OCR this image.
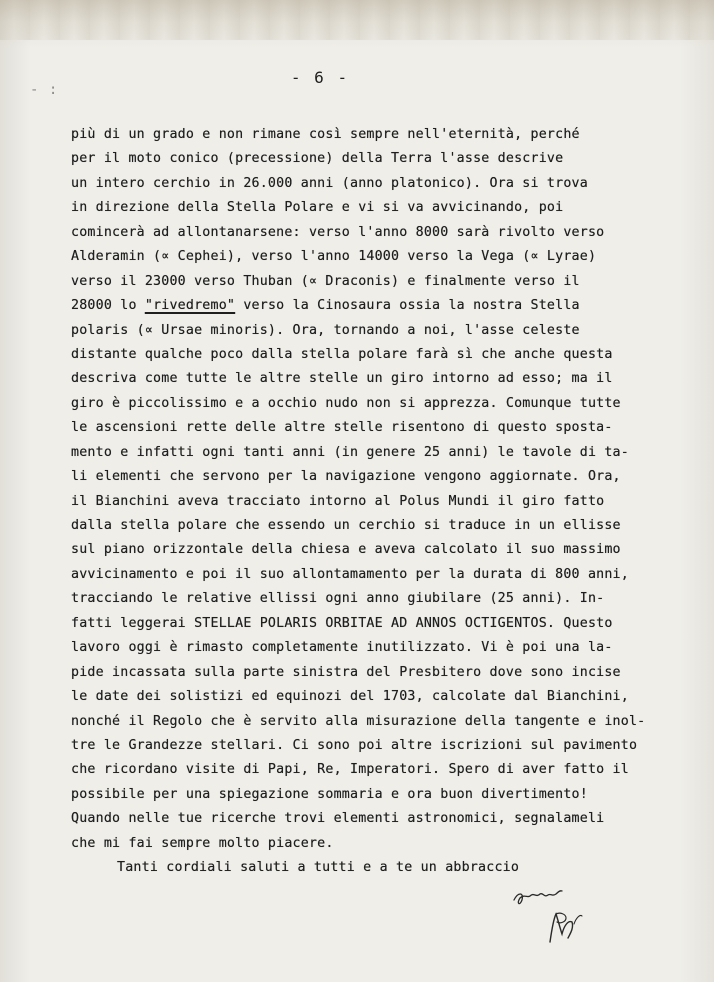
- :
- 6 -
più di un grado e non rimane così sempre nell'eternità, perché
per il moto conico (precessione) della Terra l'asse descrive
un intero cerchio in 26.000 anni (anno platonico). Ora si trova
in direzione della Stella Polare e vi si va avvicinando, poi
comincerà ad allontanarsene: verso l'anno 8000 sarà rivolto verso
Alderamin (∝ Cephei), verso l'anno 14000 verso la Vega (∝ Lyrae)
verso il 23000 verso Thuban (∝ Draconis) e finalmente verso il
28000 lo "rivedremo" verso la Cinosaura ossia la nostra Stella
polaris (∝ Ursae minoris). Ora, tornando a noi, l'asse celeste
distante qualche poco dalla stella polare farà sì che anche questa
descriva come tutte le altre stelle un giro intorno ad esso; ma il
giro è piccolissimo e a occhio nudo non si apprezza. Comunque tutte
le ascensioni rette delle altre stelle risentono di questo sposta-
mento e infatti ogni tanti anni (in genere 25 anni) le tavole di ta-
li elementi che servono per la navigazione vengono aggiornate. Ora,
il Bianchini aveva tracciato intorno al Polus Mundi il giro fatto
dalla stella polare che essendo un cerchio si traduce in un ellisse
sul piano orizzontale della chiesa e aveva calcolato il suo massimo
avvicinamento e poi il suo allontamamento per la durata di 800 anni,
tracciando le relative ellissi ogni anno giubilare (25 anni). In-
fatti leggerai STELLAE POLARIS ORBITAE AD ANNOS OCTIGENTOS. Questo
lavoro oggi è rimasto completamente inutilizzato. Vi è poi una la-
pide incassata sulla parte sinistra del Presbitero dove sono incise
le date dei solistizi ed equinozi del 1703, calcolate dal Bianchini,
nonché il Regolo che è servito alla misurazione della tangente e inol-
tre le Grandezze stellari. Ci sono poi altre iscrizioni sul pavimento
che ricordano visite di Papi, Re, Imperatori. Spero di aver fatto il
possibile per una spiegazione sommaria e ora buon divertimento!
Quando nelle tue ricerche trovi elementi astronomici, segnalameli
che mi fai sempre molto piacere.
Tanti cordiali saluti a tutti e a te un abbraccio
